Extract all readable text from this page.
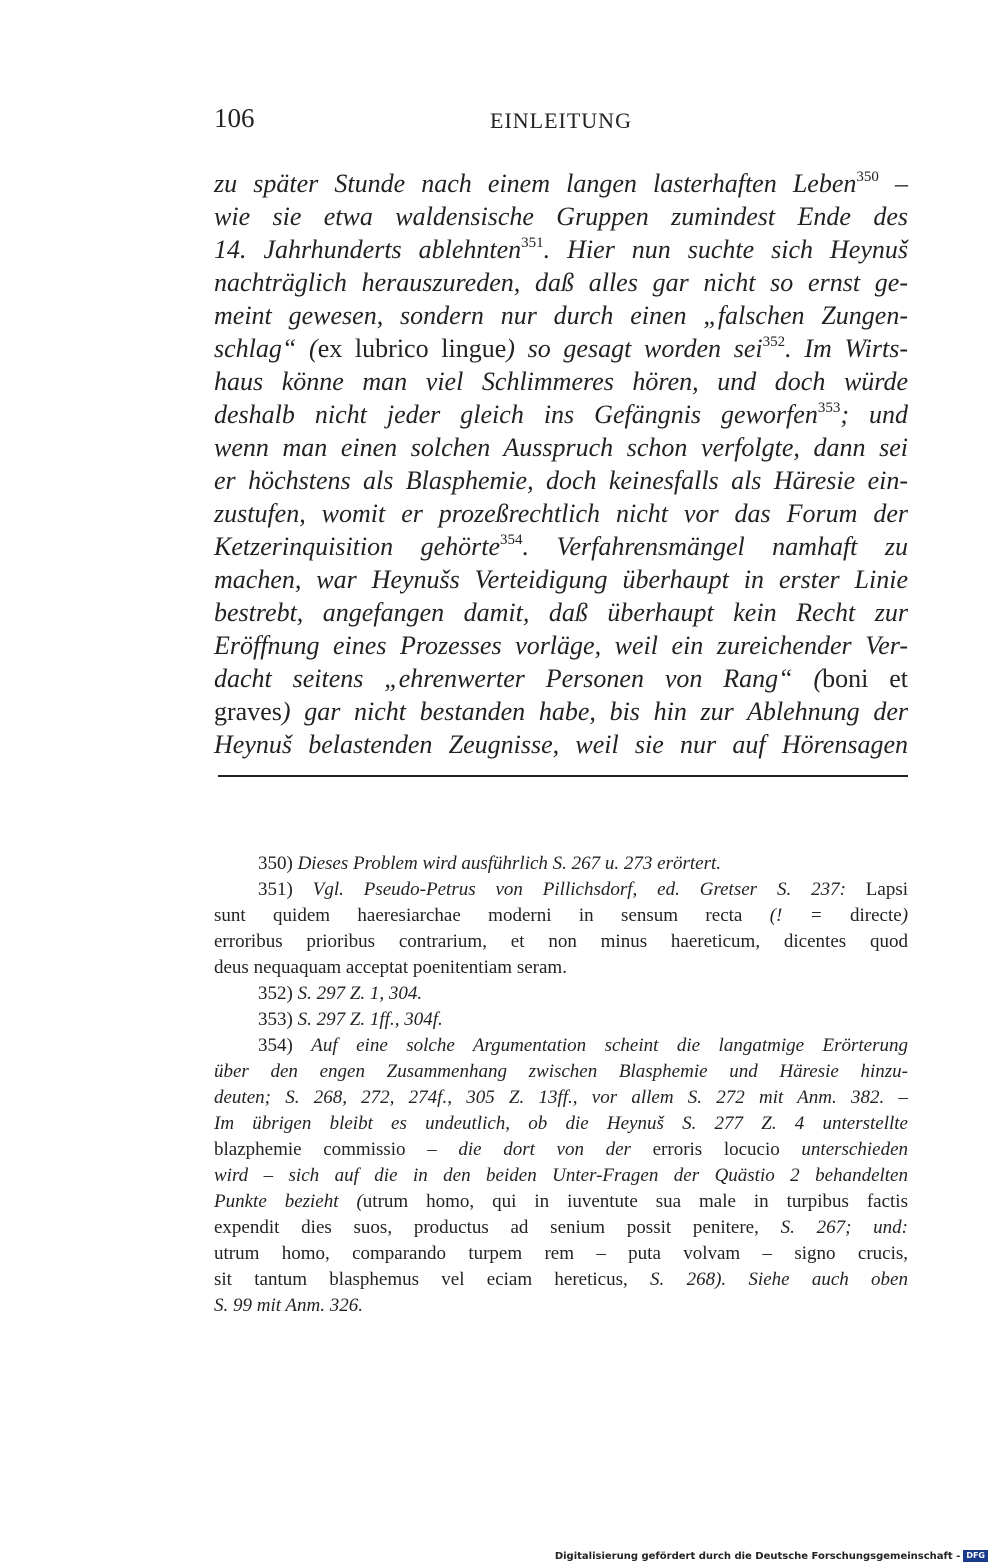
106	EINLEITUNG
zu später Stunde nach einem langen lasterhaften Leben$^{350}$ –
wie sie etwa waldensische Gruppen zumindest Ende des
14. Jahrhunderts ablehnten$^{351}$. Hier nun suchte sich Heynuš
nachträglich herauszureden, daß alles gar nicht so ernst ge-
meint gewesen, sondern nur durch einen „falschen Zungen-
schlag“ (ex lubrico lingue) so gesagt worden sei$^{352}$. Im Wirts-
haus könne man viel Schlimmeres hören, und doch würde
deshalb nicht jeder gleich ins Gefängnis geworfen$^{353}$; und
wenn man einen solchen Ausspruch schon verfolgte, dann sei
er höchstens als Blasphemie, doch keinesfalls als Häresie ein-
zustufen, womit er prozeßrechtlich nicht vor das Forum der
Ketzerinquisition gehörte$^{354}$. Verfahrensmängel namhaft zu
machen, war Heynušs Verteidigung überhaupt in erster Linie
bestrebt, angefangen damit, daß überhaupt kein Recht zur
Eröffnung eines Prozesses vorläge, weil ein zureichender Ver-
dacht seitens „ehrenwerter Personen von Rang“ (boni et
graves) gar nicht bestanden habe, bis hin zur Ablehnung der
Heynuš belastenden Zeugnisse, weil sie nur auf Hörensagen
350) Dieses Problem wird ausführlich S. 267 u. 273 erörtert.
351) Vgl. Pseudo-Petrus von Pillichsdorf, ed. Gretser S. 237: Lapsi
sunt quidem haeresiarchae moderni in sensum recta (! = directe)
erroribus prioribus contrarium, et non minus haereticum, dicentes quod
deus nequaquam acceptat poenitentiam seram.
352) S. 297 Z. 1, 304.
353) S. 297 Z. 1ff., 304f.
354) Auf eine solche Argumentation scheint die langatmige Erörterung
über den engen Zusammenhang zwischen Blasphemie und Häresie hinzu-
deuten; S. 268, 272, 274f., 305 Z. 13ff., vor allem S. 272 mit Anm. 382. –
Im übrigen bleibt es undeutlich, ob die Heynuš S. 277 Z. 4 unterstellte
blazphemie commissio – die dort von der erroris locucio unterschieden
wird – sich auf die in den beiden Unter-Fragen der Quästio 2 behandelten
Punkte bezieht (utrum homo, qui in iuventute sua male in turpibus factis
expendit dies suos, productus ad senium possit penitere, S. 267; und:
utrum homo, comparando turpem rem – puta volvam – signo crucis,
sit tantum blasphemus vel eciam hereticus, S. 268). Siehe auch oben
S. 99 mit Anm. 326.
Digitalisierung gefördert durch die Deutsche Forschungsgemeinschaft - DFG
